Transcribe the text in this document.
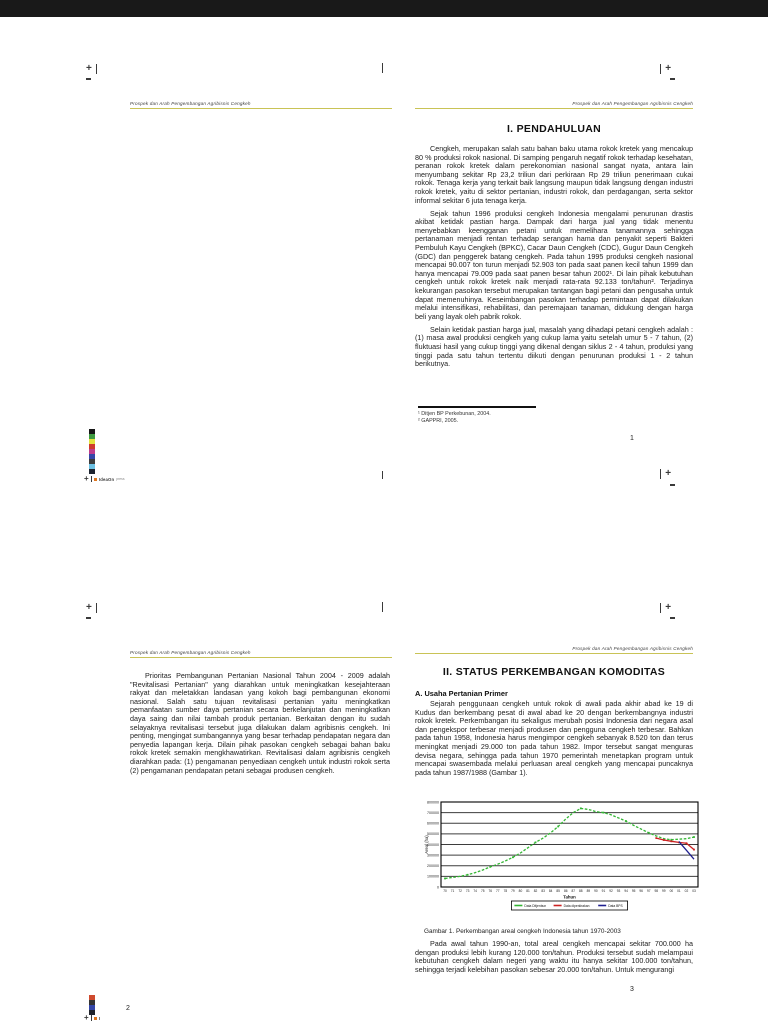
+	+
+
+	+
+ IdeaOn press
+
Prospek dan Arah Pengembangan Agribisnis Cengkeh	Prospek dan Arah Pengembangan Agribisnis Cengkeh
I. PENDAHULUAN

Cengkeh, merupakan salah satu bahan baku utama rokok kretek yang mencakup 80 % produksi rokok nasional. Di samping pengaruh negatif rokok terhadap kesehatan, peranan rokok kretek dalam perekonomian nasional sangat nyata, antara lain menyumbang sekitar Rp 23,2 triliun dari perkiraan Rp 29 triliun penerimaan cukai rokok. Tenaga kerja yang terkait baik langsung maupun tidak langsung dengan industri rokok kretek, yaitu di sektor pertanian, industri rokok, dan perdagangan, serta sektor informal sekitar 6 juta tenaga kerja.

Sejak tahun 1996 produksi cengkeh Indonesia mengalami penurunan drastis akibat ketidak pastian harga. Dampak dari harga jual yang tidak menentu menyebabkan keengganan petani untuk memelihara tanamannya sehingga pertanaman menjadi rentan terhadap serangan hama dan penyakit seperti Bakteri Pembuluh Kayu Cengkeh (BPKC), Cacar Daun Cengkeh (CDC), Gugur Daun Cengkeh (GDC) dan penggerek batang cengkeh. Pada tahun 1995 produksi cengkeh nasional mencapai 90.007 ton turun menjadi 52.903 ton pada saat panen kecil tahun 1999 dan hanya mencapai 79.009 pada saat panen besar tahun 2002¹. Di lain pihak kebutuhan cengkeh untuk rokok kretek naik menjadi rata-rata 92.133 ton/tahun². Terjadinya kekurangan pasokan tersebut merupakan tantangan bagi petani dan pengusaha untuk dapat memenuhinya. Keseimbangan pasokan terhadap permintaan dapat dilakukan melalui intensifikasi, rehabilitasi, dan peremajaan tanaman, didukung dengan harga beli yang layak oleh pabrik rokok.

Selain ketidak pastian harga jual, masalah yang dihadapi petani cengkeh adalah : (1) masa awal produksi cengkeh yang cukup lama yaitu setelah umur 5 - 7 tahun, (2) fluktuasi hasil yang cukup tinggi yang dikenal dengan siklus 2 - 4 tahun, produksi yang tinggi pada satu tahun tertentu diikuti dengan penurunan produksi 1 - 2 tahun berikutnya.

¹ Ditjen BP Perkebunan, 2004.

² GAPPRI, 2005.

1
Prospek dan Arah Pengembangan Agribisnis Cengkeh

Prioritas Pembangunan Pertanian Nasional Tahun 2004 - 2009 adalah "Revitalisasi Pertanian" yang diarahkan untuk meningkatkan kesejahteraan rakyat dan meletakkan landasan yang kokoh bagi pembangunan ekonomi nasional. Salah satu tujuan revitalisasi pertanian yaitu meningkatkan pemanfaatan sumber daya pertanian secara berkelanjutan dan meningkatkan daya saing dan nilai tambah produk pertanian. Berkaitan dengan itu sudah selayaknya revitalisasi tersebut juga dilakukan dalam agribisnis cengkeh. Ini penting, mengingat sumbangannya yang besar terhadap pendapatan negara dan penyedia lapangan kerja. Dilain pihak pasokan cengkeh sebagai bahan baku rokok kretek semakin mengkhawatirkan. Revitalisasi dalam agribisnis cengkeh diarahkan pada: (1) pengamanan penyediaan cengkeh untuk industri rokok serta (2) pengamanan pendapatan petani sebagai produsen cengkeh.

2
Prospek dan Arah Pengembangan Agribisnis Cengkeh
II. STATUS PERKEMBANGAN KOMODITAS
A. Usaha Pertanian Primer

Sejarah penggunaan cengkeh untuk rokok di awali pada akhir abad ke 19 di Kudus dan berkembang pesat di awal abad ke 20 dengan berkembangnya industri rokok kretek. Perkembangan itu sekaligus merubah posisi Indonesia dari negara asal dan pengekspor terbesar menjadi produsen dan pengguna cengkeh terbesar. Bahkan pada tahun 1958, Indonesia harus mengimpor cengkeh sebanyak 8.520 ton dan terus meningkat menjadi 29.000 ton pada tahun 1982. Impor tersebut sangat menguras devisa negara, sehingga pada tahun 1970 pemerintah menetapkan program untuk mencapai swasembada melalui perluasan areal cengkeh yang mencapai puncaknya pada tahun 1987/1988 (Gambar 1).

0
100000
200000
300000
400000
500000
600000
700000
800000
70 71 72 73 74 75 76 77 78 79 80 81 82 83 84 85 86 87 88 89 90 91 92 93 94 95 96 97 98 99 00 01 02 03
Tahun
Areal (ha)
Data Ditjenbun	Data diperkirakan	Data BPS
Gambar 1. Perkembangan areal cengkeh Indonesia tahun 1970-2003

Pada awal tahun 1990-an, total areal cengkeh mencapai sekitar 700.000 ha dengan produksi lebih kurang 120.000 ton/tahun. Produksi tersebut sudah melampaui kebutuhan cengkeh dalam negeri yang waktu itu hanya sekitar 100.000 ton/tahun, sehingga terjadi kelebihan pasokan sebesar 20.000 ton/tahun. Untuk mengurangi

3
